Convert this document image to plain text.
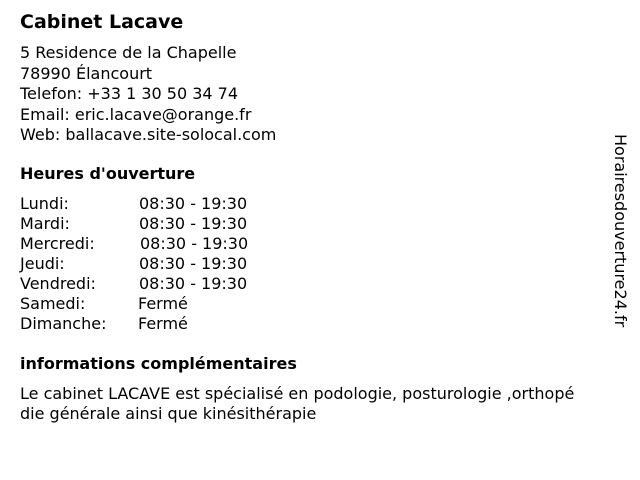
Cabinet Lacave
5 Residence de la Chapelle
78990 Élancourt
Telefon: +33 1 30 50 34 74
Email: eric.lacave@orange.fr
Web: ballacave.site-solocal.com
Heures d'ouverture
Lundi:	08:30 - 19:30
Mardi:	08:30 - 19:30
Mercredi:	08:30 - 19:30
Jeudi:	08:30 - 19:30
Vendredi:	08:30 - 19:30
Samedi:	Fermé
Dimanche: Fermé
informations complémentaires
Le cabinet LACAVE est spécialisé en podologie, posturologie ,orthopé
die générale ainsi que kinésithérapie
Horairesdouverture24.fr
